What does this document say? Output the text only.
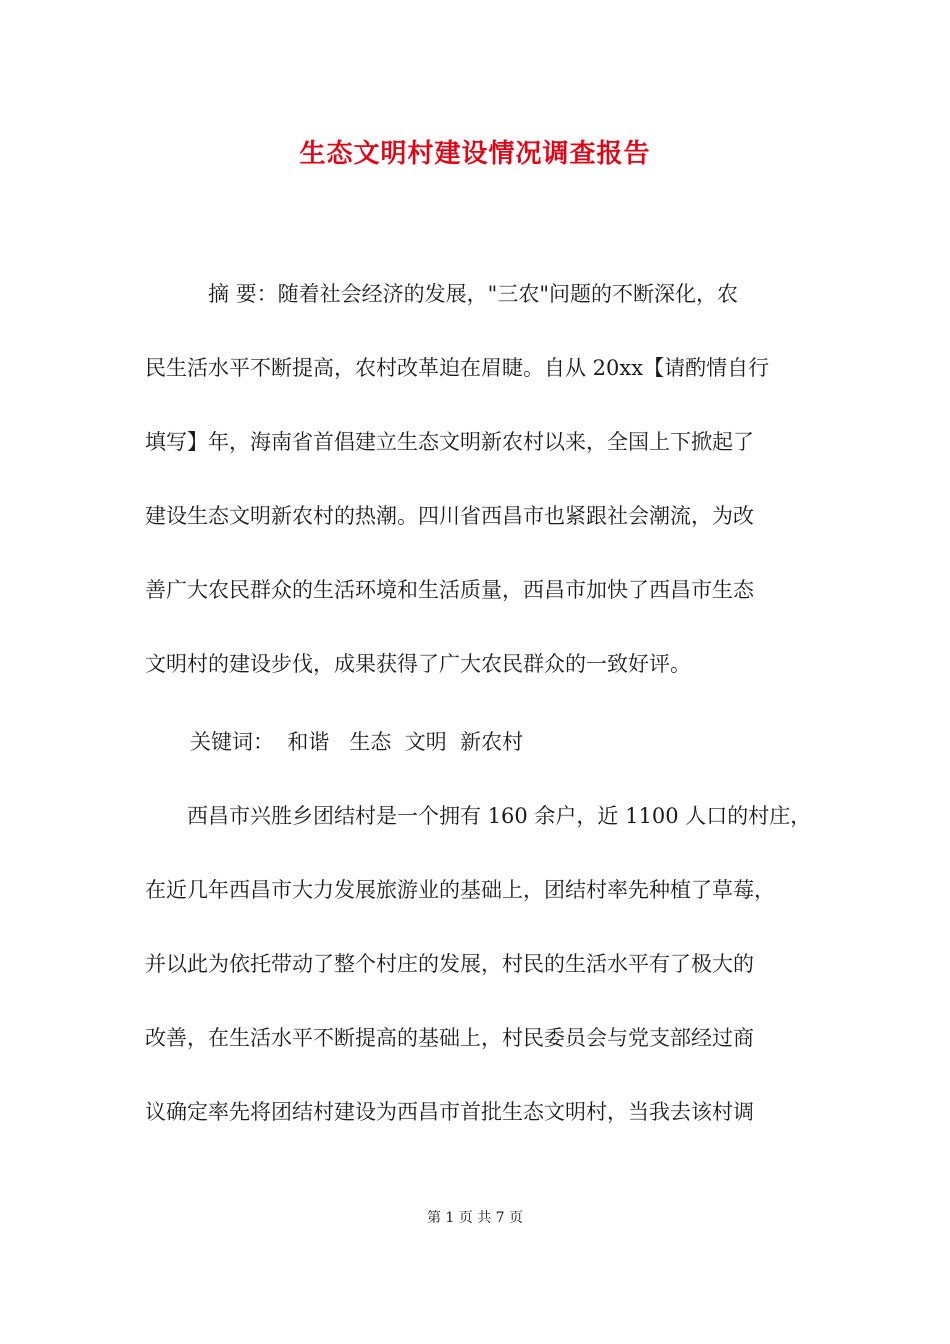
生态文明村建设情况调查报告
　　　摘 要：随着社会经济的发展，"三农"问题的不断深化，农
民生活水平不断提高，农村改革迫在眉睫。自从 20xx【请酌情自行
填写】年，海南省首倡建立生态文明新农村以来，全国上下掀起了
建设生态文明新农村的热潮。四川省西昌市也紧跟社会潮流，为改
善广大农民群众的生活环境和生活质量，西昌市加快了西昌市生态
文明村的建设步伐，成果获得了广大农民群众的一致好评。
关键词：  和谐   生态  文明  新农村
　　西昌市兴胜乡团结村是一个拥有 160 余户，近 1100 人口的村庄，
在近几年西昌市大力发展旅游业的基础上，团结村率先种植了草莓，
并以此为依托带动了整个村庄的发展，村民的生活水平有了极大的
改善，在生活水平不断提高的基础上，村民委员会与党支部经过商
议确定率先将团结村建设为西昌市首批生态文明村，当我去该村调
第 1 页 共 7 页
